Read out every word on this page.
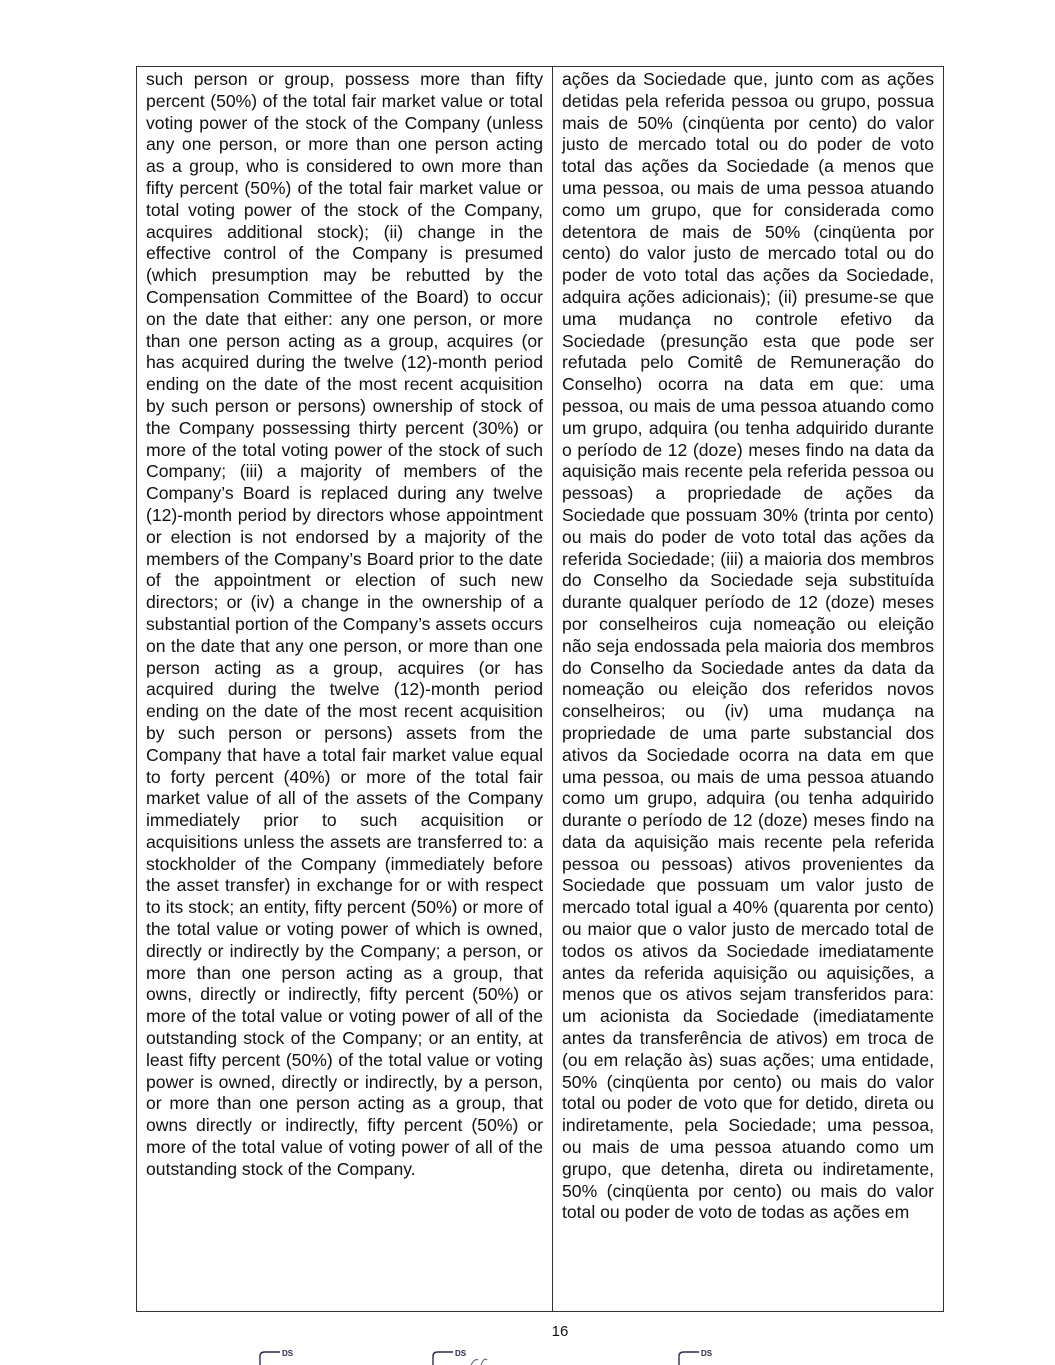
such person or group, possess more than fifty percent (50%) of the total fair market value or total voting power of the stock of the Company (unless any one person, or more than one person acting as a group, who is considered to own more than fifty percent (50%) of the total fair market value or total voting power of the stock of the Company, acquires additional stock); (ii) change in the effective control of the Company is presumed (which presumption may be rebutted by the Compensation Committee of the Board) to occur on the date that either: any one person, or more than one person acting as a group, acquires (or has acquired during the twelve (12)-month period ending on the date of the most recent acquisition by such person or persons) ownership of stock of the Company possessing thirty percent (30%) or more of the total voting power of the stock of such Company; (iii) a majority of members of the Company’s Board is replaced during any twelve (12)-month period by directors whose appointment or election is not endorsed by a majority of the members of the Company’s Board prior to the date of the appointment or election of such new directors; or (iv) a change in the ownership of a substantial portion of the Company’s assets occurs on the date that any one person, or more than one person acting as a group, acquires (or has acquired during the twelve (12)-month period ending on the date of the most recent acquisition by such person or persons) assets from the Company that have a total fair market value equal to forty percent (40%) or more of the total fair market value of all of the assets of the Company immediately prior to such acquisition or acquisitions unless the assets are transferred to: a stockholder of the Company (immediately before the asset transfer) in exchange for or with respect to its stock; an entity, fifty percent (50%) or more of the total value or voting power of which is owned, directly or indirectly by the Company; a person, or more than one person acting as a group, that owns, directly or indirectly, fifty percent (50%) or more of the total value or voting power of all of the outstanding stock of the Company; or an entity, at least fifty percent (50%) of the total value or voting power is owned, directly or indirectly, by a person, or more than one person acting as a group, that owns directly or indirectly, fifty percent (50%) or more of the total value of voting power of all of the outstanding stock of the Company.

ações da Sociedade que, junto com as ações detidas pela referida pessoa ou grupo, possua mais de 50% (cinqüenta por cento) do valor justo de mercado total ou do poder de voto total das ações da Sociedade (a menos que uma pessoa, ou mais de uma pessoa atuando como um grupo, que for considerada como detentora de mais de 50% (cinqüenta por cento) do valor justo de mercado total ou do poder de voto total das ações da Sociedade, adquira ações adicionais); (ii) presume-se que uma mudança no controle efetivo da Sociedade (presunção esta que pode ser refutada pelo Comitê de Remuneração do Conselho) ocorra na data em que: uma pessoa, ou mais de uma pessoa atuando como um grupo, adquira (ou tenha adquirido durante o período de 12 (doze) meses findo na data da aquisição mais recente pela referida pessoa ou pessoas) a propriedade de ações da Sociedade que possuam 30% (trinta por cento) ou mais do poder de voto total das ações da referida Sociedade; (iii) a maioria dos membros do Conselho da Sociedade seja substituída durante qualquer período de 12 (doze) meses por conselheiros cuja nomeação ou eleição não seja endossada pela maioria dos membros do Conselho da Sociedade antes da data da nomeação ou eleição dos referidos novos conselheiros; ou (iv) uma mudança na propriedade de uma parte substancial dos ativos da Sociedade ocorra na data em que uma pessoa, ou mais de uma pessoa atuando como um grupo, adquira (ou tenha adquirido durante o período de 12 (doze) meses findo na data da aquisição mais recente pela referida pessoa ou pessoas) ativos provenientes da Sociedade que possuam um valor justo de mercado total igual a 40% (quarenta por cento) ou maior que o valor justo de mercado total de todos os ativos da Sociedade imediatamente antes da referida aquisição ou aquisições, a menos que os ativos sejam transferidos para: um acionista da Sociedade (imediatamente antes da transferência de ativos) em troca de (ou em relação às) suas ações; uma entidade, 50% (cinqüenta por cento) ou mais do valor total ou poder de voto que for detido, direta ou indiretamente, pela Sociedade; uma pessoa, ou mais de uma pessoa atuando como um grupo, que detenha, direta ou indiretamente, 50% (cinqüenta por cento) ou mais do valor total ou poder de voto de todas as ações em

16
DS	DS	DS
